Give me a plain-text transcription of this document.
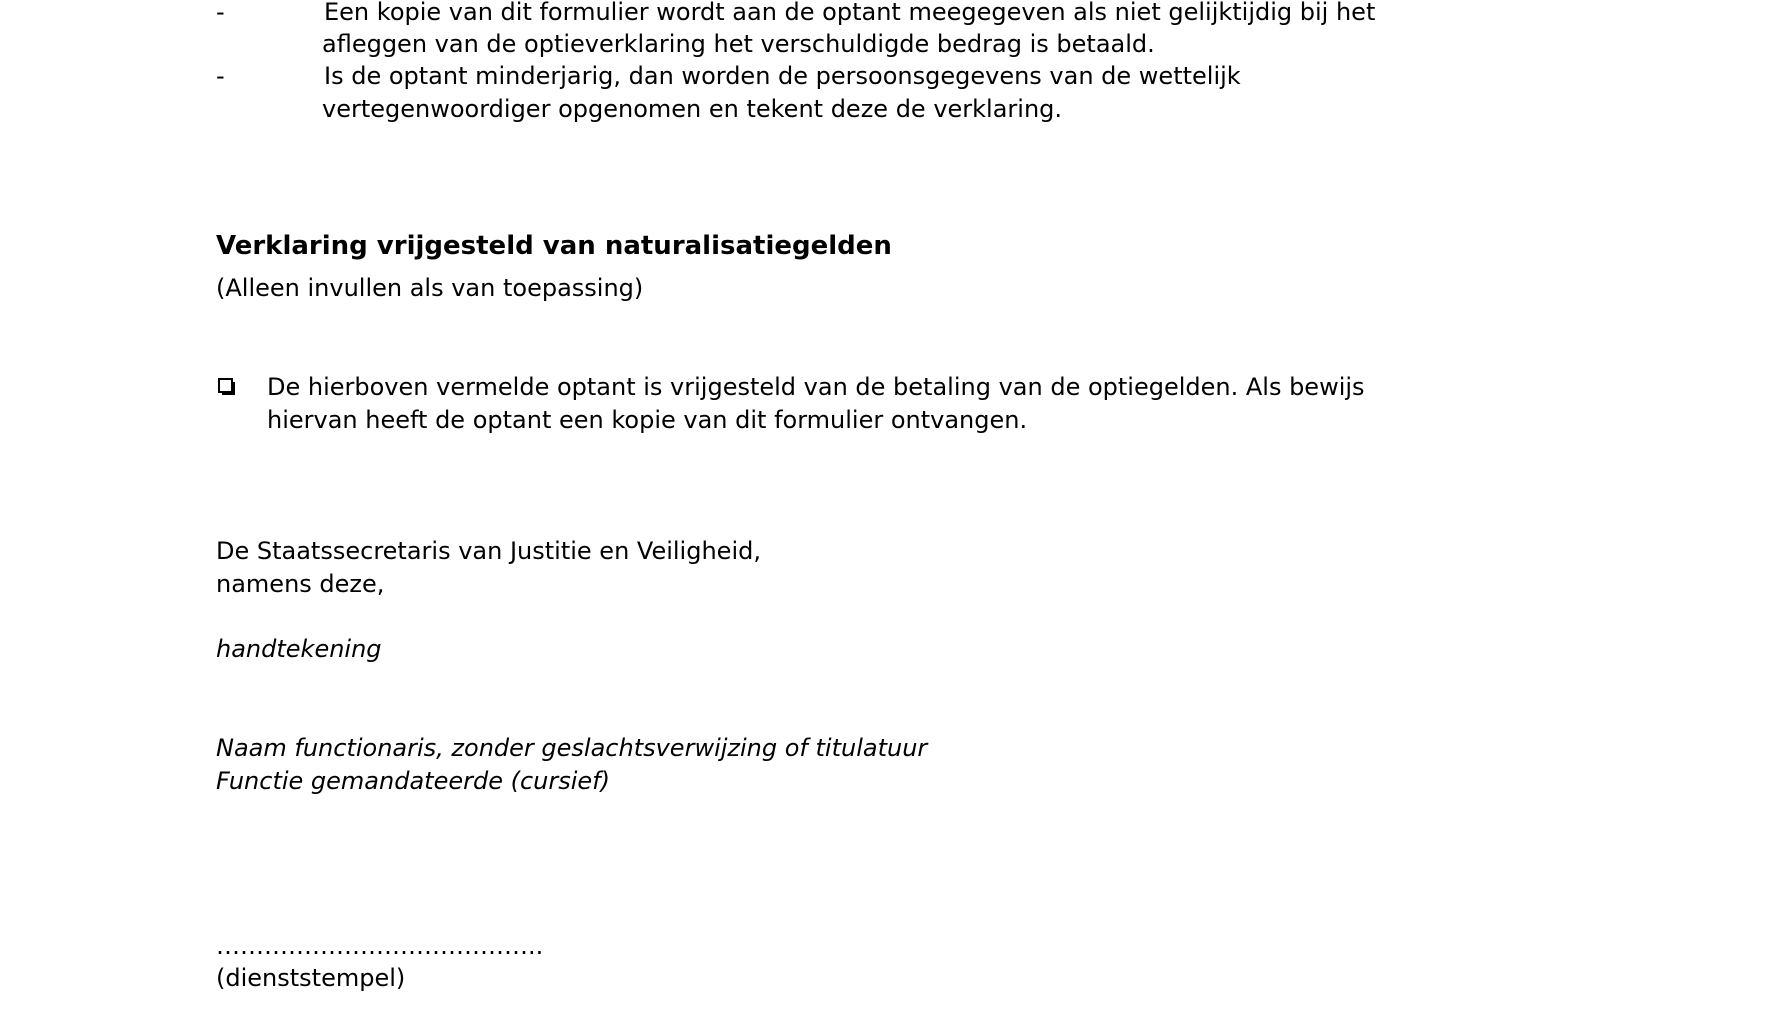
-	Een kopie van dit formulier wordt aan de optant meegegeven als niet gelijktijdig bij het
afleggen van de optieverklaring het verschuldigde bedrag is betaald.
-	Is de optant minderjarig, dan worden de persoonsgegevens van de wettelijk
vertegenwoordiger opgenomen en tekent deze de verklaring.
Verklaring vrijgesteld van naturalisatiegelden
(Alleen invullen als van toepassing)
De hierboven vermelde optant is vrijgesteld van de betaling van de optiegelden. Als bewijs
hiervan heeft de optant een kopie van dit formulier ontvangen.
De Staatssecretaris van Justitie en Veiligheid,
namens deze,
handtekening
Naam functionaris, zonder geslachtsverwijzing of titulatuur
Functie gemandateerde (cursief)
…………………………………..
(dienststempel)
